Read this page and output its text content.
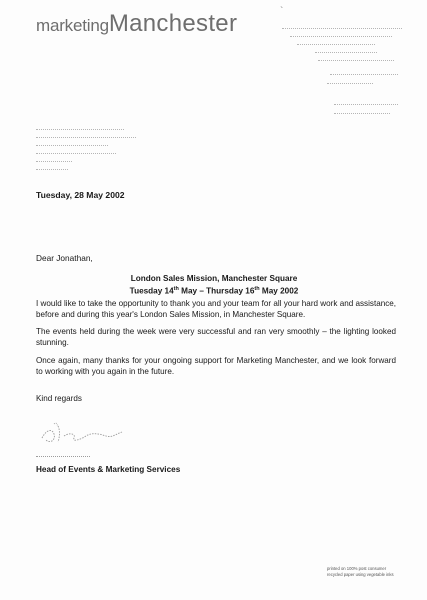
marketingManchester	`
Tuesday, 28 May 2002
Dear Jonathan,
London Sales Mission, Manchester Square
Tuesday 14th May – Thursday 16th May 2002
I would like to take the opportunity to thank you and your team for all your hard work and assistance, before and during this year's London Sales Mission, in Manchester Square.
The events held during the week were very successful and ran very smoothly – the lighting looked stunning.
Once again, many thanks for your ongoing support for Marketing Manchester, and we look forward to working with you again in the future.
Kind regards
Head of Events & Marketing Services
printed on 100% post consumer
recycled paper using vegetable inks
